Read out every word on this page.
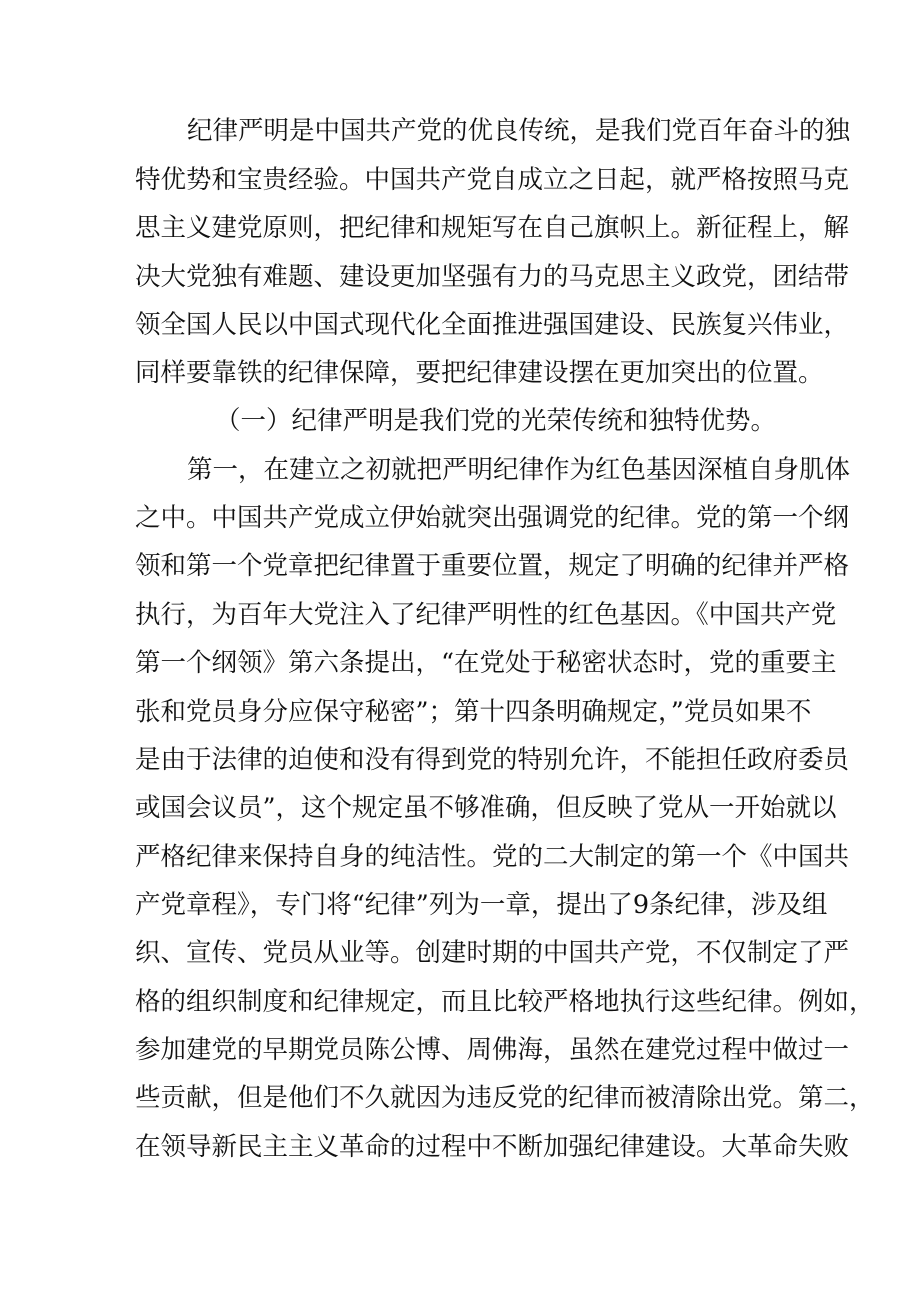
纪律严明是中国共产党的优良传统，是我们党百年奋斗的独
特优势和宝贵经验。中国共产党自成立之日起，就严格按照马克
思主义建党原则，把纪律和规矩写在自己旗帜上。新征程上，解
决大党独有难题、建设更加坚强有力的马克思主义政党，团结带
领全国人民以中国式现代化全面推进强国建设、民族复兴伟业，
同样要靠铁的纪律保障，要把纪律建设摆在更加突出的位置。
（一）纪律严明是我们党的光荣传统和独特优势。
第一，在建立之初就把严明纪律作为红色基因深植自身肌体
之中。中国共产党成立伊始就突出强调党的纪律。党的第一个纲
领和第一个党章把纪律置于重要位置，规定了明确的纪律并严格
执行，为百年大党注入了纪律严明性的红色基因。《中国共产党
第一个纲领》第六条提出，“在党处于秘密状态时，党的重要主
张和党员身分应保守秘密”；第十四条明确规定，”党员如果不
是由于法律的迫使和没有得到党的特别允许，不能担任政府委员
或国会议员”，这个规定虽不够准确，但反映了党从一开始就以
严格纪律来保持自身的纯洁性。党的二大制定的第一个《中国共
产党章程》，专门将“纪律”列为一章，提出了9条纪律，涉及组
织、宣传、党员从业等。创建时期的中国共产党，不仅制定了严
格的组织制度和纪律规定，而且比较严格地执行这些纪律。例如，
参加建党的早期党员陈公博、周佛海，虽然在建党过程中做过一
些贡献，但是他们不久就因为违反党的纪律而被清除出党。第二，
在领导新民主主义革命的过程中不断加强纪律建设。大革命失败
